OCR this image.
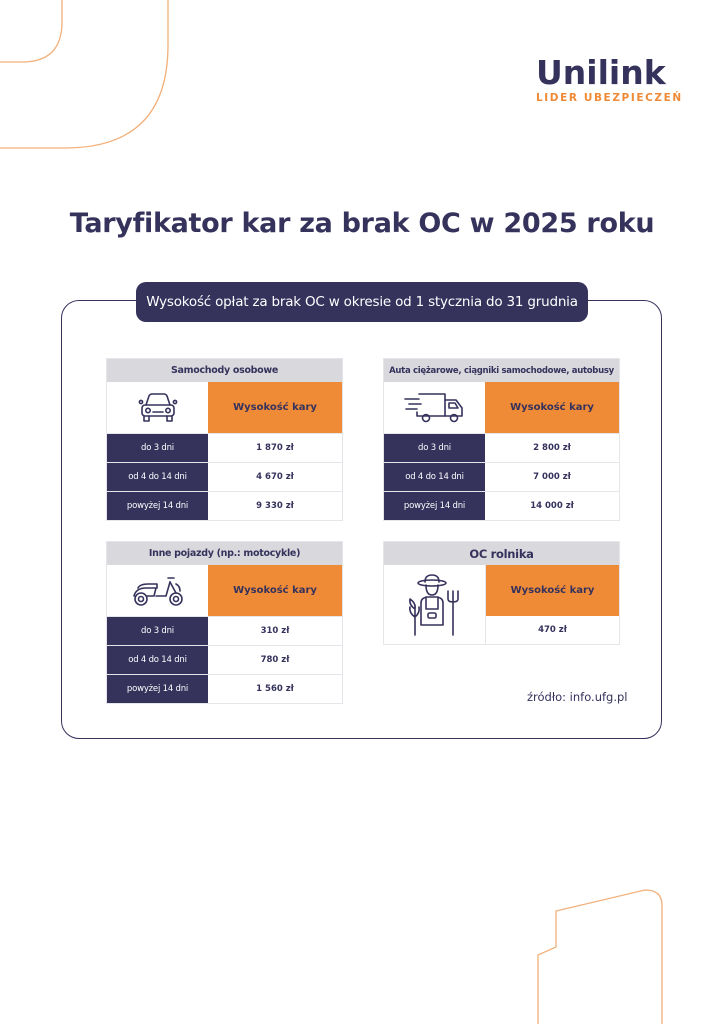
Unilink
LIDER UBEZPIECZEŃ
Taryfikator kar za brak OC w 2025 roku
Wysokość opłat za brak OC w okresie od 1 stycznia do 31 grudnia
Samochody osobowe
Wysokość kary
do 3 dni	1 870 zł
od 4 do 14 dni	4 670 zł
powyżej 14 dni	9 330 zł
Auta ciężarowe, ciągniki samochodowe, autobusy
Wysokość kary
do 3 dni	2 800 zł
od 4 do 14 dni	7 000 zł
powyżej 14 dni	14 000 zł
Inne pojazdy (np.: motocykle)
Wysokość kary
do 3 dni	310 zł
od 4 do 14 dni	780 zł
powyżej 14 dni	1 560 zł
OC rolnika
Wysokość kary
470 zł
źródło: info.ufg.pl
